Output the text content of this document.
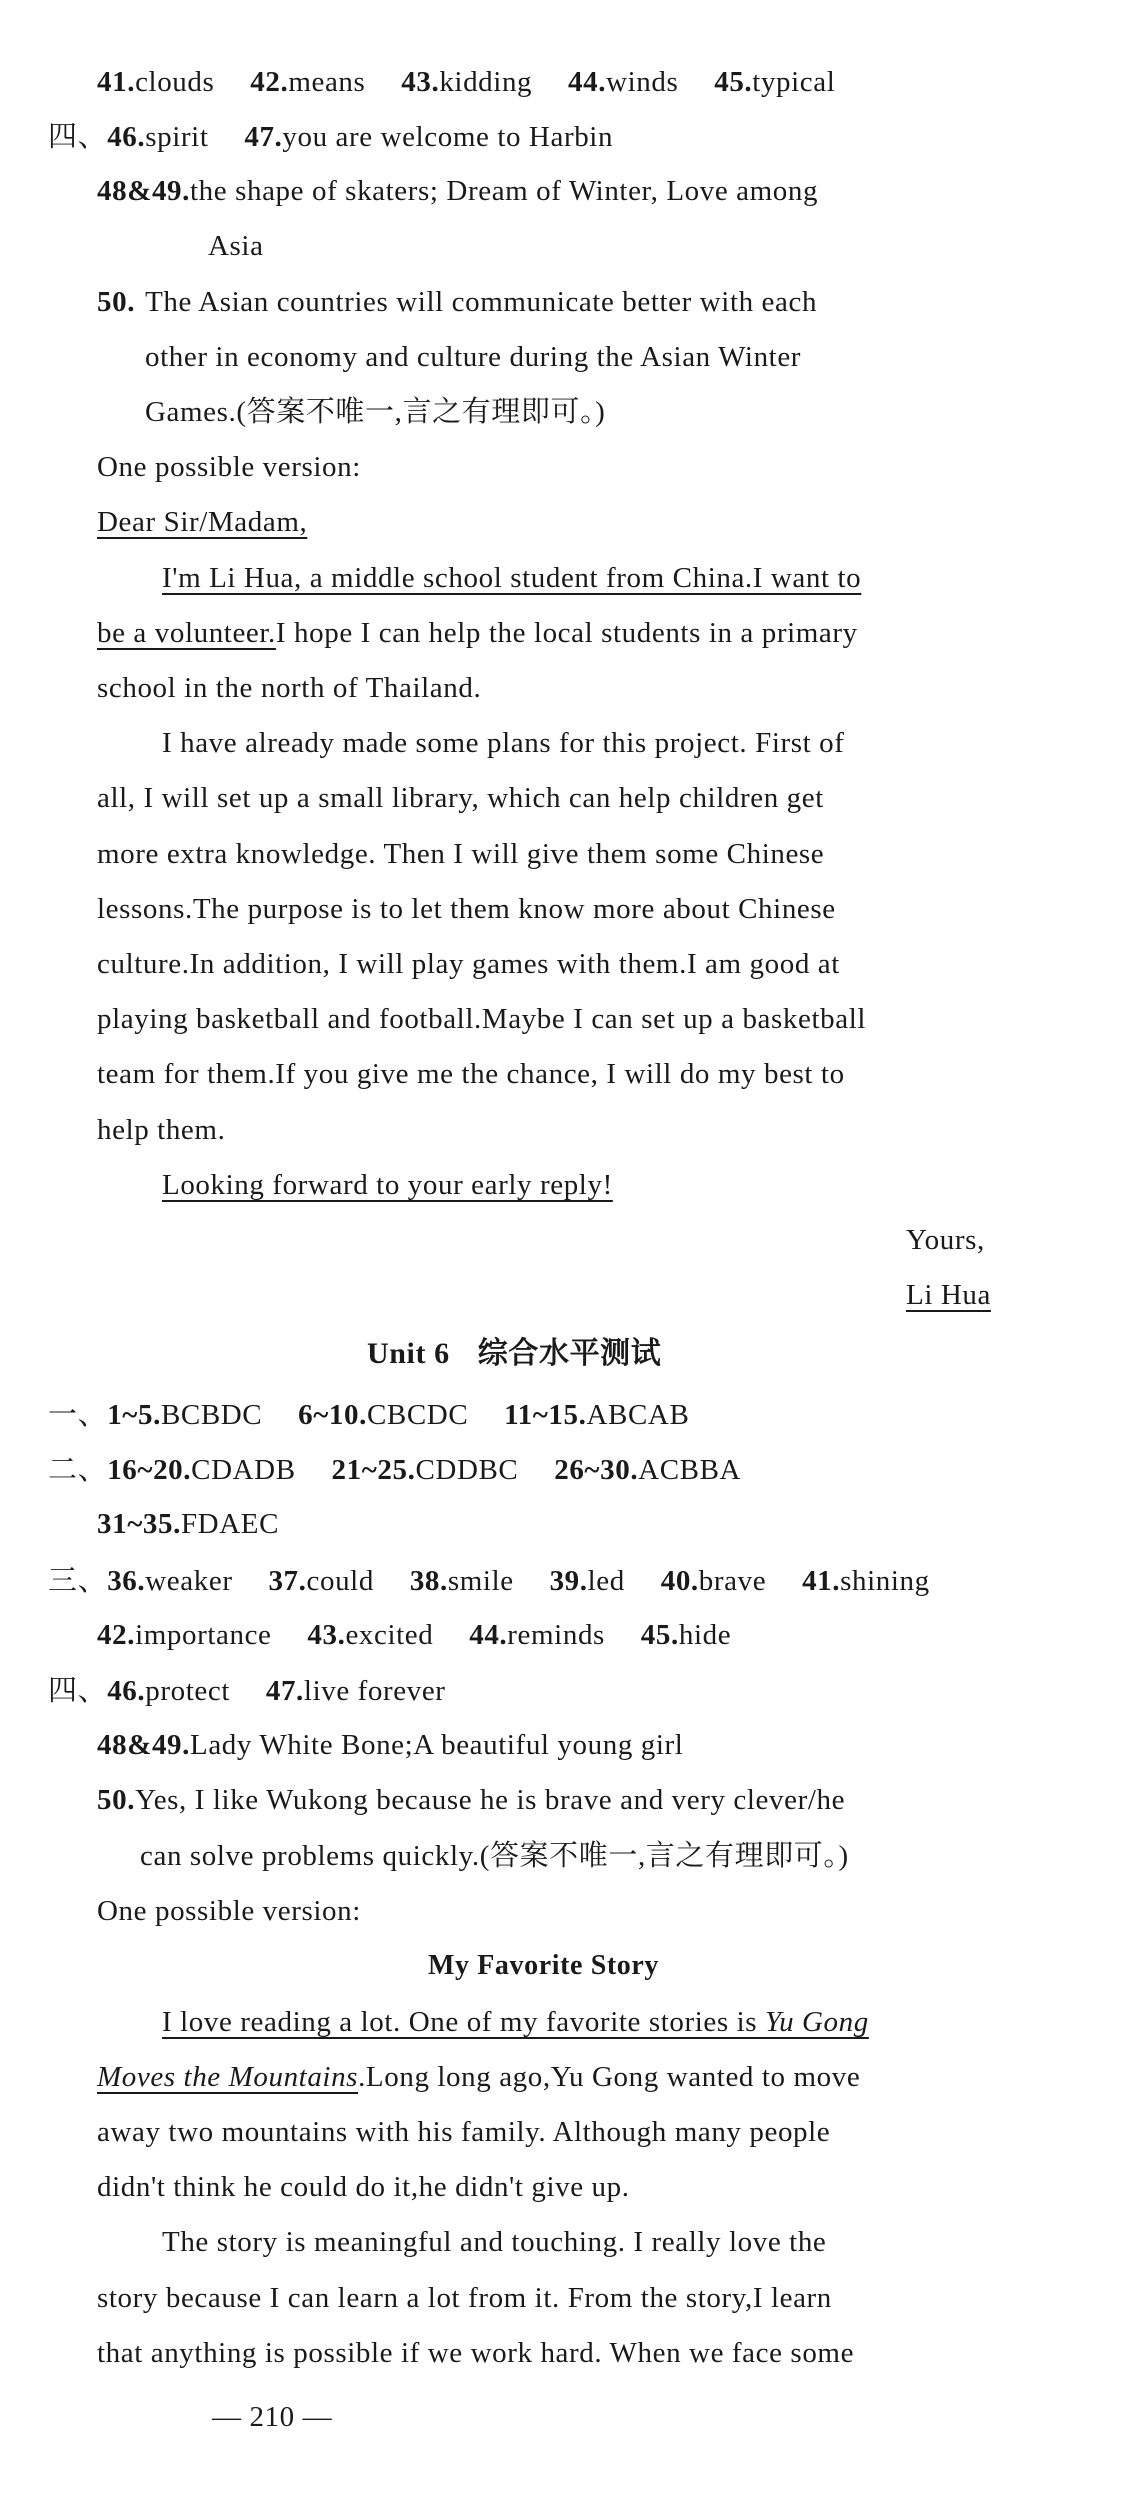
41.clouds 42.means 43.kidding 44.winds 45.typical
四、46.spirit 47.you are welcome to Harbin
48&49.the shape of skaters; Dream of Winter, Love among
Asia
50. The Asian countries will communicate better with each
other in economy and culture during the Asian Winter
Games.(答案不唯一,言之有理即可。)
One possible version:
Dear Sir/Madam,
I'm Li Hua, a middle school student from China.I want to
be a volunteer.I hope I can help the local students in a primary
school in the north of Thailand.
I have already made some plans for this project. First of
all, I will set up a small library, which can help children get
more extra knowledge. Then I will give them some Chinese
lessons.The purpose is to let them know more about Chinese
culture.In addition, I will play games with them.I am good at
playing basketball and football.Maybe I can set up a basketball
team for them.If you give me the chance, I will do my best to
help them.
Looking forward to your early reply!
Yours,
Li Hua
Unit 6 综合水平测试
一、1~5.BCBDC 6~10.CBCDC 11~15.ABCAB
二、16~20.CDADB 21~25.CDDBC 26~30.ACBBA
31~35.FDAEC
三、36.weaker 37.could 38.smile 39.led 40.brave 41.shining
42.importance 43.excited 44.reminds 45.hide
四、46.protect 47.live forever
48&49.Lady White Bone;A beautiful young girl
50.Yes, I like Wukong because he is brave and very clever/he
can solve problems quickly.(答案不唯一,言之有理即可。)
One possible version:
My Favorite Story
I love reading a lot. One of my favorite stories is Yu Gong
Moves the Mountains.Long long ago,Yu Gong wanted to move
away two mountains with his family. Although many people
didn't think he could do it,he didn't give up.
The story is meaningful and touching. I really love the
story because I can learn a lot from it. From the story,I learn
that anything is possible if we work hard. When we face some
— 210 —
